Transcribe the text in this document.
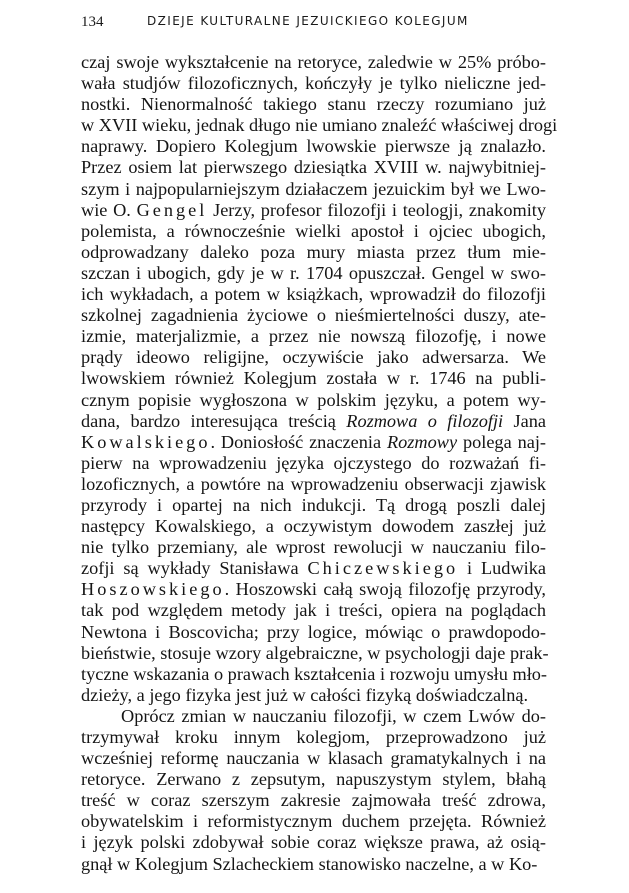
134	DZIEJE KULTURALNE JEZUICKIEGO KOLEGJUM
czaj swoje wykształcenie na retoryce, zaledwie w 25% próbo-
wała studjów filozoficznych, kończyły je tylko nieliczne jed-
nostki. Nienormalność takiego stanu rzeczy rozumiano już
w XVII wieku, jednak długo nie umiano znaleźć właściwej drogi
naprawy. Dopiero Kolegjum lwowskie pierwsze ją znalazło.
Przez osiem lat pierwszego dziesiątka XVIII w. najwybitniej-
szym i najpopularniejszym działaczem jezuickim był we Lwo-
wie O. Gengel Jerzy, profesor filozofji i teologji, znakomity
polemista, a równocześnie wielki apostoł i ojciec ubogich,
odprowadzany daleko poza mury miasta przez tłum mie-
szczan i ubogich, gdy je w r. 1704 opuszczał. Gengel w swo-
ich wykładach, a potem w książkach, wprowadził do filozofji
szkolnej zagadnienia życiowe o nieśmiertelności duszy, ate-
izmie, materjalizmie, a przez nie nowszą filozofję, i nowe
prądy ideowo religijne, oczywiście jako adwersarza. We
lwowskiem również Kolegjum została w r. 1746 na publi-
cznym popisie wygłoszona w polskim języku, a potem wy-
dana, bardzo interesująca treścią Rozmowa o filozofji Jana
Kowalskiego. Doniosłość znaczenia Rozmowy polega naj-
pierw na wprowadzeniu języka ojczystego do rozważań fi-
lozoficznych, a powtóre na wprowadzeniu obserwacji zjawisk
przyrody i opartej na nich indukcji. Tą drogą poszli dalej
następcy Kowalskiego, a oczywistym dowodem zaszłej już
nie tylko przemiany, ale wprost rewolucji w nauczaniu filo-
zofji są wykłady Stanisława Chiczewskiego i Ludwika
Hoszowskiego. Hoszowski całą swoją filozofję przyrody,
tak pod względem metody jak i treści, opiera na poglądach
Newtona i Boscovicha; przy logice, mówiąc o prawdopodo-
bieństwie, stosuje wzory algebraiczne, w psychologji daje prak-
tyczne wskazania o prawach kształcenia i rozwoju umysłu mło-
dzieży, a jego fizyka jest już w całości fizyką doświadczalną.
Oprócz zmian w nauczaniu filozofji, w czem Lwów do-
trzymywał kroku innym kolegjom, przeprowadzono już
wcześniej reformę nauczania w klasach gramatykalnych i na
retoryce. Zerwano z zepsutym, napuszystym stylem, błahą
treść w coraz szerszym zakresie zajmowała treść zdrowa,
obywatelskim i reformistycznym duchem przejęta. Również
i język polski zdobywał sobie coraz większe prawa, aż osią-
gnął w Kolegjum Szlacheckiem stanowisko naczelne, a w Ko-
